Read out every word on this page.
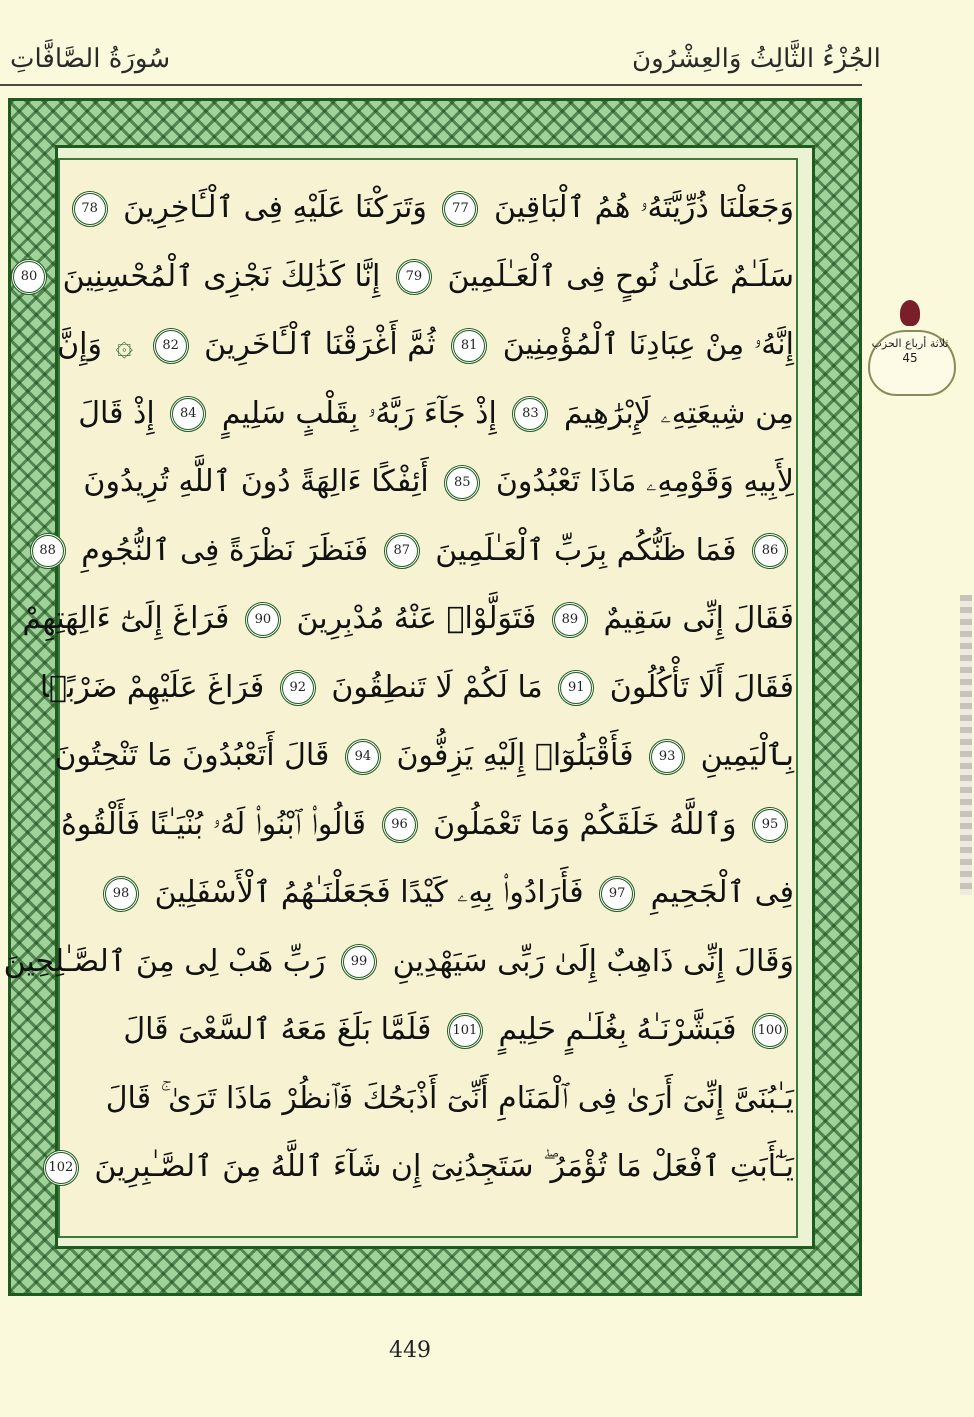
سُورَةُ الصَّافَّاتِ	الجُزْءُ الثَّالِثُ وَالعِشْرُونَ
وَجَعَلْنَا ذُرِّيَّتَهُۥ هُمُ ٱلْبَاقِينَ 77 وَتَرَكْنَا عَلَيْهِ فِى ٱلْـَٔاخِرِينَ 78
سَلَـٰمٌ عَلَىٰ نُوحٍ فِى ٱلْعَـٰلَمِينَ 79 إِنَّا كَذَٰلِكَ نَجْزِى ٱلْمُحْسِنِينَ 80
إِنَّهُۥ مِنْ عِبَادِنَا ٱلْمُؤْمِنِينَ 81 ثُمَّ أَغْرَقْنَا ٱلْـَٔاخَرِينَ 82 ۞ وَإِنَّ
مِن شِيعَتِهِۦ لَإِبْرَٰهِيمَ 83 إِذْ جَآءَ رَبَّهُۥ بِقَلْبٍ سَلِيمٍ 84 إِذْ قَالَ
لِأَبِيهِ وَقَوْمِهِۦ مَاذَا تَعْبُدُونَ 85 أَئِفْكًا ءَالِهَةً دُونَ ٱللَّهِ تُرِيدُونَ
86 فَمَا ظَنُّكُم بِرَبِّ ٱلْعَـٰلَمِينَ 87 فَنَظَرَ نَظْرَةً فِى ٱلنُّجُومِ 88
فَقَالَ إِنِّى سَقِيمٌ 89 فَتَوَلَّوْا۟ عَنْهُ مُدْبِرِينَ 90 فَرَاغَ إِلَىٰٓ ءَالِهَتِهِمْ
فَقَالَ أَلَا تَأْكُلُونَ 91 مَا لَكُمْ لَا تَنطِقُونَ 92 فَرَاغَ عَلَيْهِمْ ضَرْبًۢا
بِٱلْيَمِينِ 93 فَأَقْبَلُوٓا۟ إِلَيْهِ يَزِفُّونَ 94 قَالَ أَتَعْبُدُونَ مَا تَنْحِتُونَ
95 وَٱللَّهُ خَلَقَكُمْ وَمَا تَعْمَلُونَ 96 قَالُوا۟ ٱبْنُوا۟ لَهُۥ بُنْيَـٰنًا فَأَلْقُوهُ
فِى ٱلْجَحِيمِ 97 فَأَرَادُوا۟ بِهِۦ كَيْدًا فَجَعَلْنَـٰهُمُ ٱلْأَسْفَلِينَ 98
وَقَالَ إِنِّى ذَاهِبٌ إِلَىٰ رَبِّى سَيَهْدِينِ 99 رَبِّ هَبْ لِى مِنَ ٱلصَّـٰلِحِينَ
100 فَبَشَّرْنَـٰهُ بِغُلَـٰمٍ حَلِيمٍ 101 فَلَمَّا بَلَغَ مَعَهُ ٱلسَّعْىَ قَالَ
يَـٰبُنَىَّ إِنِّىٓ أَرَىٰ فِى ٱلْمَنَامِ أَنِّىٓ أَذْبَحُكَ فَٱنظُرْ مَاذَا تَرَىٰ ۚ قَالَ
يَـٰٓأَبَتِ ٱفْعَلْ مَا تُؤْمَرُ ۖ سَتَجِدُنِىٓ إِن شَآءَ ٱللَّهُ مِنَ ٱلصَّـٰبِرِينَ 102
ثلاثة أرباع الحزب
45
449
